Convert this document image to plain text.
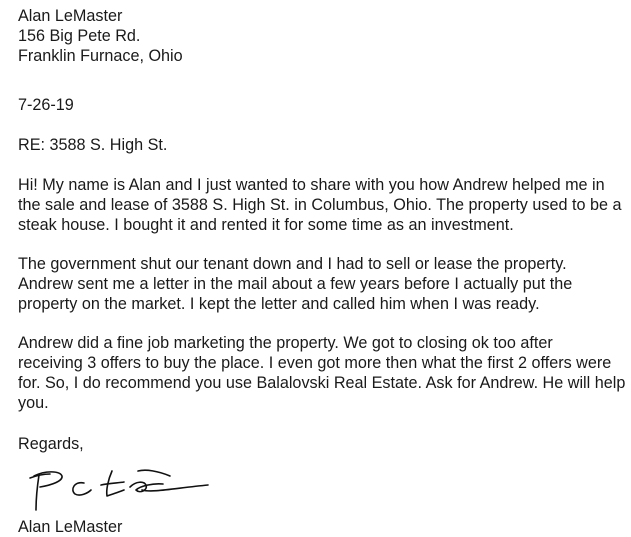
Alan LeMaster
156 Big Pete Rd.
Franklin Furnace, Ohio
7-26-19
RE: 3588 S. High St.
Hi! My name is Alan and I just wanted to share with you how Andrew helped me in
the sale and lease of 3588 S. High St. in Columbus, Ohio. The property used to be a
steak house. I bought it and rented it for some time as an investment.
The government shut our tenant down and I had to sell or lease the property.
Andrew sent me a letter in the mail about a few years before I actually put the
property on the market. I kept the letter and called him when I was ready.
Andrew did a fine job marketing the property. We got to closing ok too after
receiving 3 offers to buy the place. I even got more then what the first 2 offers were
for. So, I do recommend you use Balalovski Real Estate. Ask for Andrew. He will help
you.
Regards,
Alan LeMaster
